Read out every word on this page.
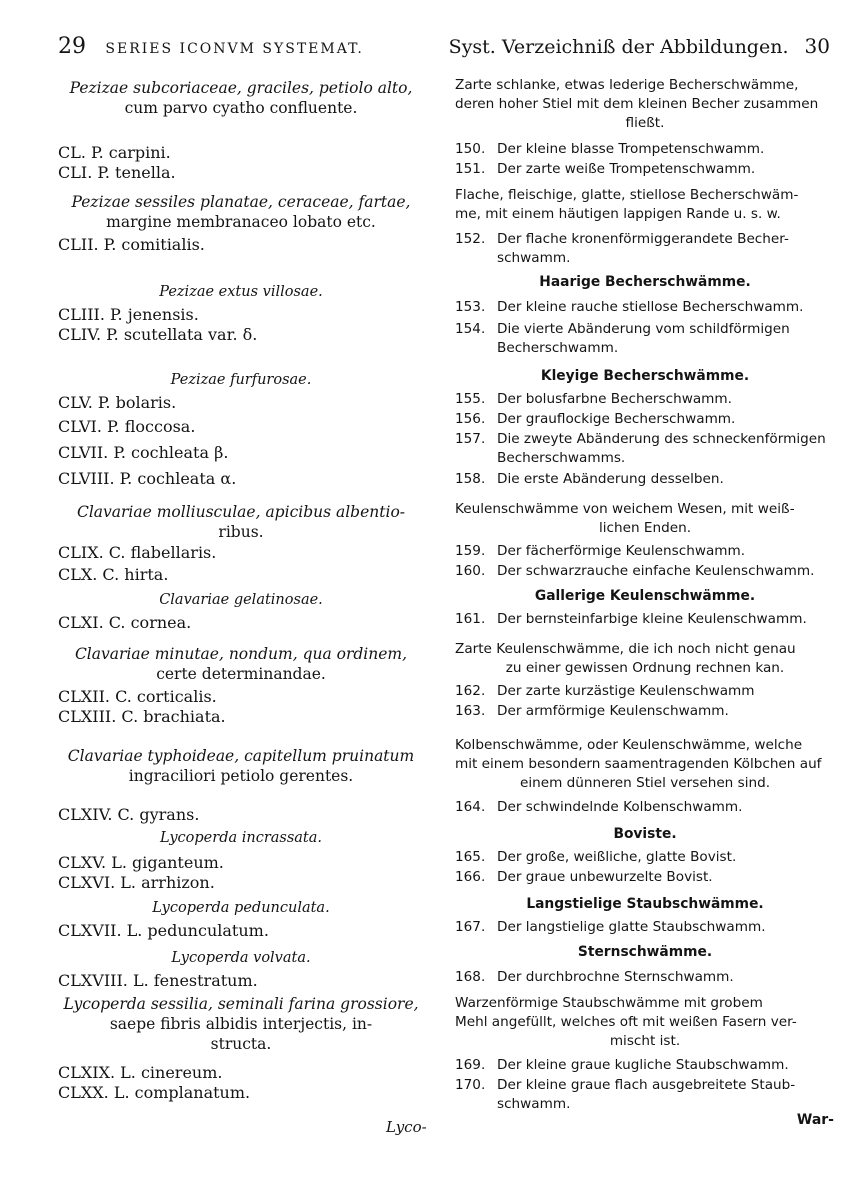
29 SERIES ICONVM SYSTEMAT.	Syst. Verzeichniß der Abbildungen. 30
Pezizae subcoriaceae, graciles, petiolo alto,
cum parvo cyatho confluente.
CL. P. carpini.
CLI. P. tenella.
Pezizae sessiles planatae, ceraceae, fartae,
margine membranaceo lobato etc.
CLII. P. comitialis.
Pezizae extus villosae.
CLIII. P. jenensis.
CLIV. P. scutellata var. δ.
Pezizae furfurosae.
CLV. P. bolaris.
CLVI. P. floccosa.
CLVII. P. cochleata β.
CLVIII. P. cochleata α.
Clavariae molliusculae, apicibus albentio-
ribus.
CLIX. C. flabellaris.
CLX. C. hirta.
Clavariae gelatinosae.
CLXI. C. cornea.
Clavariae minutae, nondum, qua ordinem,
certe determinandae.
CLXII. C. corticalis.
CLXIII. C. brachiata.
Clavariae typhoideae, capitellum pruinatum
ingraciliori petiolo gerentes.
CLXIV. C. gyrans.
Lycoperda incrassata.
CLXV. L. giganteum.
CLXVI. L. arrhizon.
Lycoperda pedunculata.
CLXVII. L. pedunculatum.
Lycoperda volvata.
CLXVIII. L. fenestratum.
Lycoperda sessilia, seminali farina grossiore,
saepe fibris albidis interjectis, in-
structa.
CLXIX. L. cinereum.
CLXX. L. complanatum.
Lyco-
Zarte schlanke, etwas lederige Becherschwämme,
deren hoher Stiel mit dem kleinen Becher zusammen
fließt.
150. Der kleine blasse Trompetenschwamm.
151. Der zarte weiße Trompetenschwamm.
Flache, fleischige, glatte, stiellose Becherschwäm-
me, mit einem häutigen lappigen Rande u. s. w.
152. Der flache kronenförmiggerandete Becher-
schwamm.
Haarige Becherschwämme.
153. Der kleine rauche stiellose Becherschwamm.
154. Die vierte Abänderung vom schildförmigen
Becherschwamm.
Kleyige Becherschwämme.
155. Der bolusfarbne Becherschwamm.
156. Der grauflockige Becherschwamm.
157. Die zweyte Abänderung des schneckenförmigen
Becherschwamms.
158. Die erste Abänderung desselben.
Keulenschwämme von weichem Wesen, mit weiß-
lichen Enden.
159. Der fächerförmige Keulenschwamm.
160. Der schwarzrauche einfache Keulenschwamm.
Gallerige Keulenschwämme.
161. Der bernsteinfarbige kleine Keulenschwamm.
Zarte Keulenschwämme, die ich noch nicht genau
zu einer gewissen Ordnung rechnen kan.
162. Der zarte kurzästige Keulenschwamm
163. Der armförmige Keulenschwamm.
Kolbenschwämme, oder Keulenschwämme, welche
mit einem besondern saamentragenden Kölbchen auf
einem dünneren Stiel versehen sind.
164. Der schwindelnde Kolbenschwamm.
Boviste.
165. Der große, weißliche, glatte Bovist.
166. Der graue unbewurzelte Bovist.
Langstielige Staubschwämme.
167. Der langstielige glatte Staubschwamm.
Sternschwämme.
168. Der durchbrochne Sternschwamm.
Warzenförmige Staubschwämme mit grobem
Mehl angefüllt, welches oft mit weißen Fasern ver-
mischt ist.
169. Der kleine graue kugliche Staubschwamm.
170. Der kleine graue flach ausgebreitete Staub-
schwamm.
War-
